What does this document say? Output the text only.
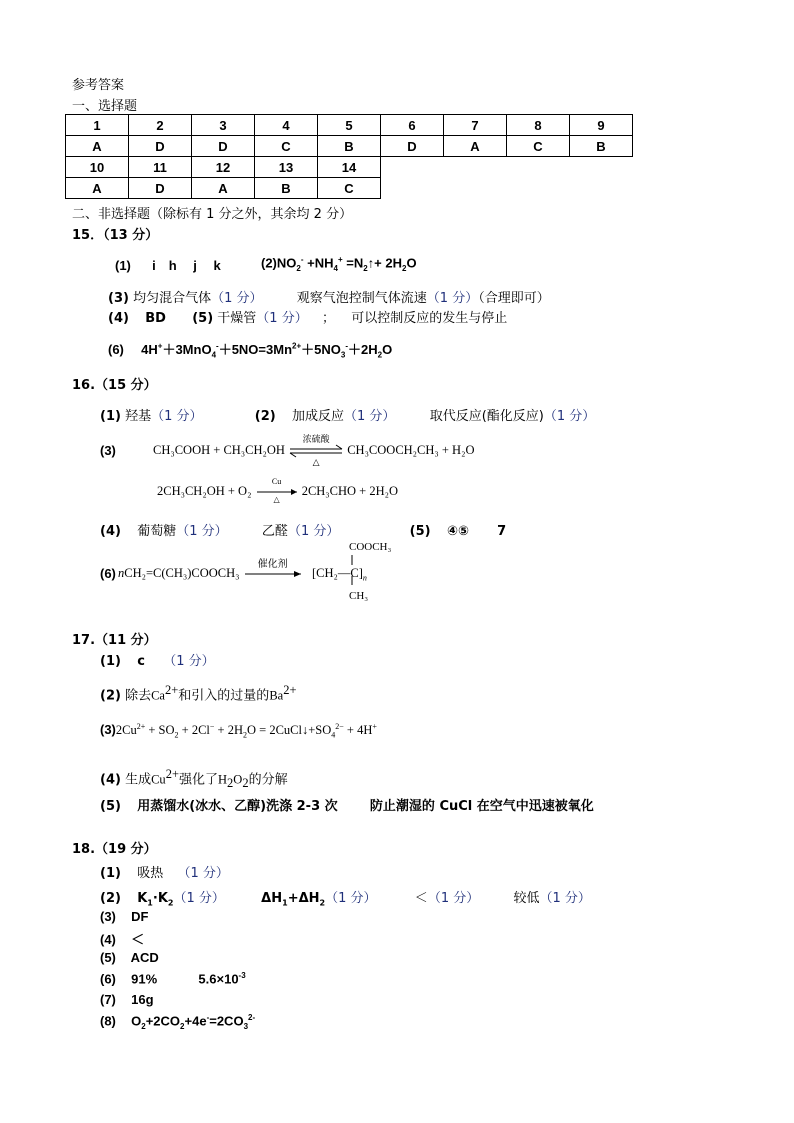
参考答案
一、选择题
1	2	3	4	5	6	7	8	9
A	D	D	C	B	D	A	C	B
10	11	12	13	14				
A	D	A	B	C				
二、非选择题（除标有 1 分之外，其余均 2 分）
15．（13 分）
(1) i　h　 j　 k	$(2)NO_2^- +NH_4^+$ $=N_2↑+ 2H_2O$
(3) 均匀混合气体（1 分）	观察气泡控制气体流速（1 分）（合理即可）
(4) BD (5) 干燥管（1 分） ； 可以控制反应的发生与停止
(6) $4H^++3MnO_4^-+5NO=3Mn^{2+}+5NO_3^-+2H_2O$
16.（15 分）
(1) 羟基（1 分）	(2) 加成反应（1 分）	取代反应(酯化反应)（1 分）
(3)	CH₃COOH + CH₃CH₂OH
浓硫酸
△
CH₃COOCH₂CH₃ + H₂O
2CH₃CH₂OH + O₂
Cu
△
2CH₃CHO + 2H₂O
(4) 葡萄糖（1 分）	乙醛（1 分）	(5) ④⑤ 7
(6) nCH₂=C(CH₃)COOCH₃
催化剂
$[CH_2—C]_n$
COOCH₃
CH₃
17.（11 分）
(1) c （1 分）
(2) 除去$Ca^{2+}$和引入的过量的$Ba^{2+}$
$(3)2Cu^{2+} + SO_2 + 2Cl^- + 2H_2O$ = $2CuCl↓+SO_4^{2-} + 4H^+$
(4) 生成$Cu^{2+}$强化了$H_2O_2$的分解
(5) 用蒸馏水(冰水、乙醇)洗涤 2-3 次 防止潮湿的 CuCl 在空气中迅速被氧化
18.（19 分）
(1) 吸热 （1 分）
(2) $K_1\cdot K_2(1$ 分）	$\Delta H_1+\Delta H_2(1$ 分）	＜（1 分）	较低（1 分）
(3) DF
(4) ＜
(5) ACD
(6) 91%	$5.6\times 10^{-3}$
(7) 16g
(8) $O_2+2CO_2+4e^-=2CO_3^{2-}$
